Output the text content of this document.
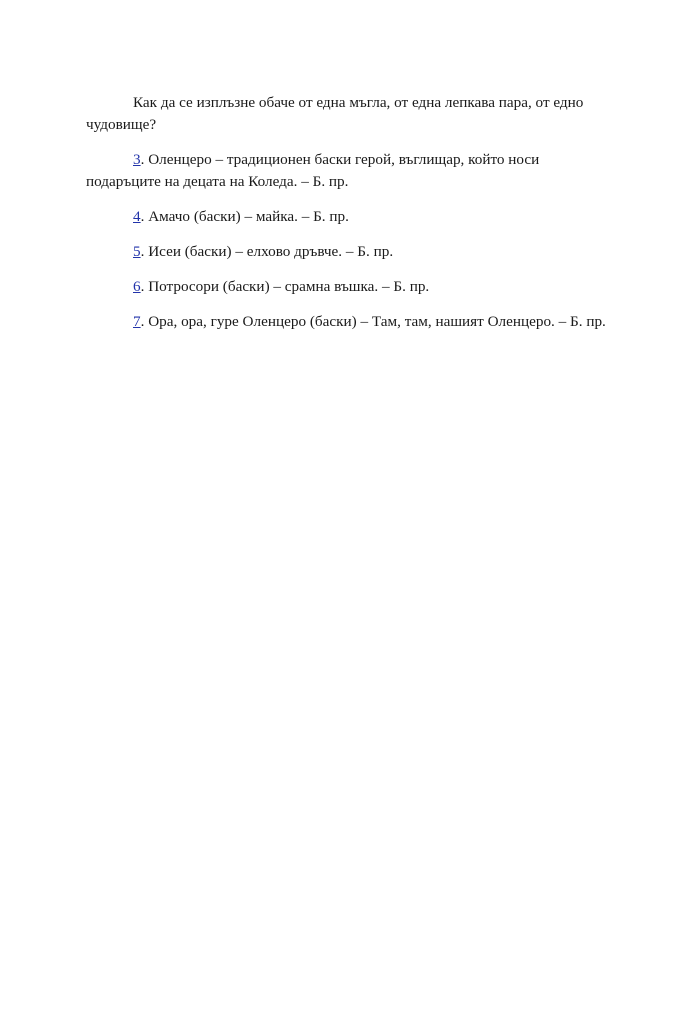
Как да се изплъзне обаче от една мъгла, от една лепкава пара, от едно чудовище?

3. Оленцеро – традиционен баски герой, въглищар, който носи подаръците на децата на Коледа. – Б. пр.

4. Амачо (баски) – майка. – Б. пр.

5. Исеи (баски) – елхово дръвче. – Б. пр.

6. Потросори (баски) – срамна въшка. – Б. пр.

7. Ора, ора, гуре Оленцеро (баски) – Там, там, нашият Оленцеро. – Б. пр.
